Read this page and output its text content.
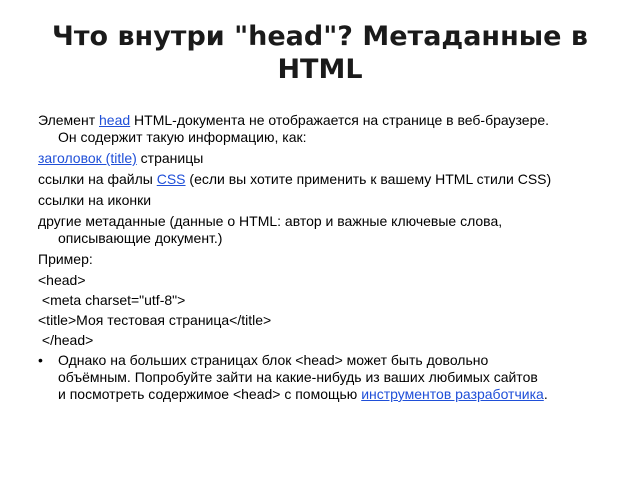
Что внутри "head"? Метаданные в HTML
Элемент head HTML-документа не отображается на странице в веб-браузере.
Он содержит такую информацию, как:
заголовок (title) страницы
ссылки на файлы CSS (если вы хотите применить к вашему HTML стили CSS)
ссылки на иконки
другие метаданные (данные о HTML: автор и важные ключевые слова,
описывающие документ.)
Пример:
<head>
<meta charset="utf-8">
<title>Моя тестовая страница</title>
</head>
•	Однако на больших страницах блок <head> может быть довольно
объёмным. Попробуйте зайти на какие-нибудь из ваших любимых сайтов
и посмотреть содержимое <head> с помощью инструментов разработчика.
